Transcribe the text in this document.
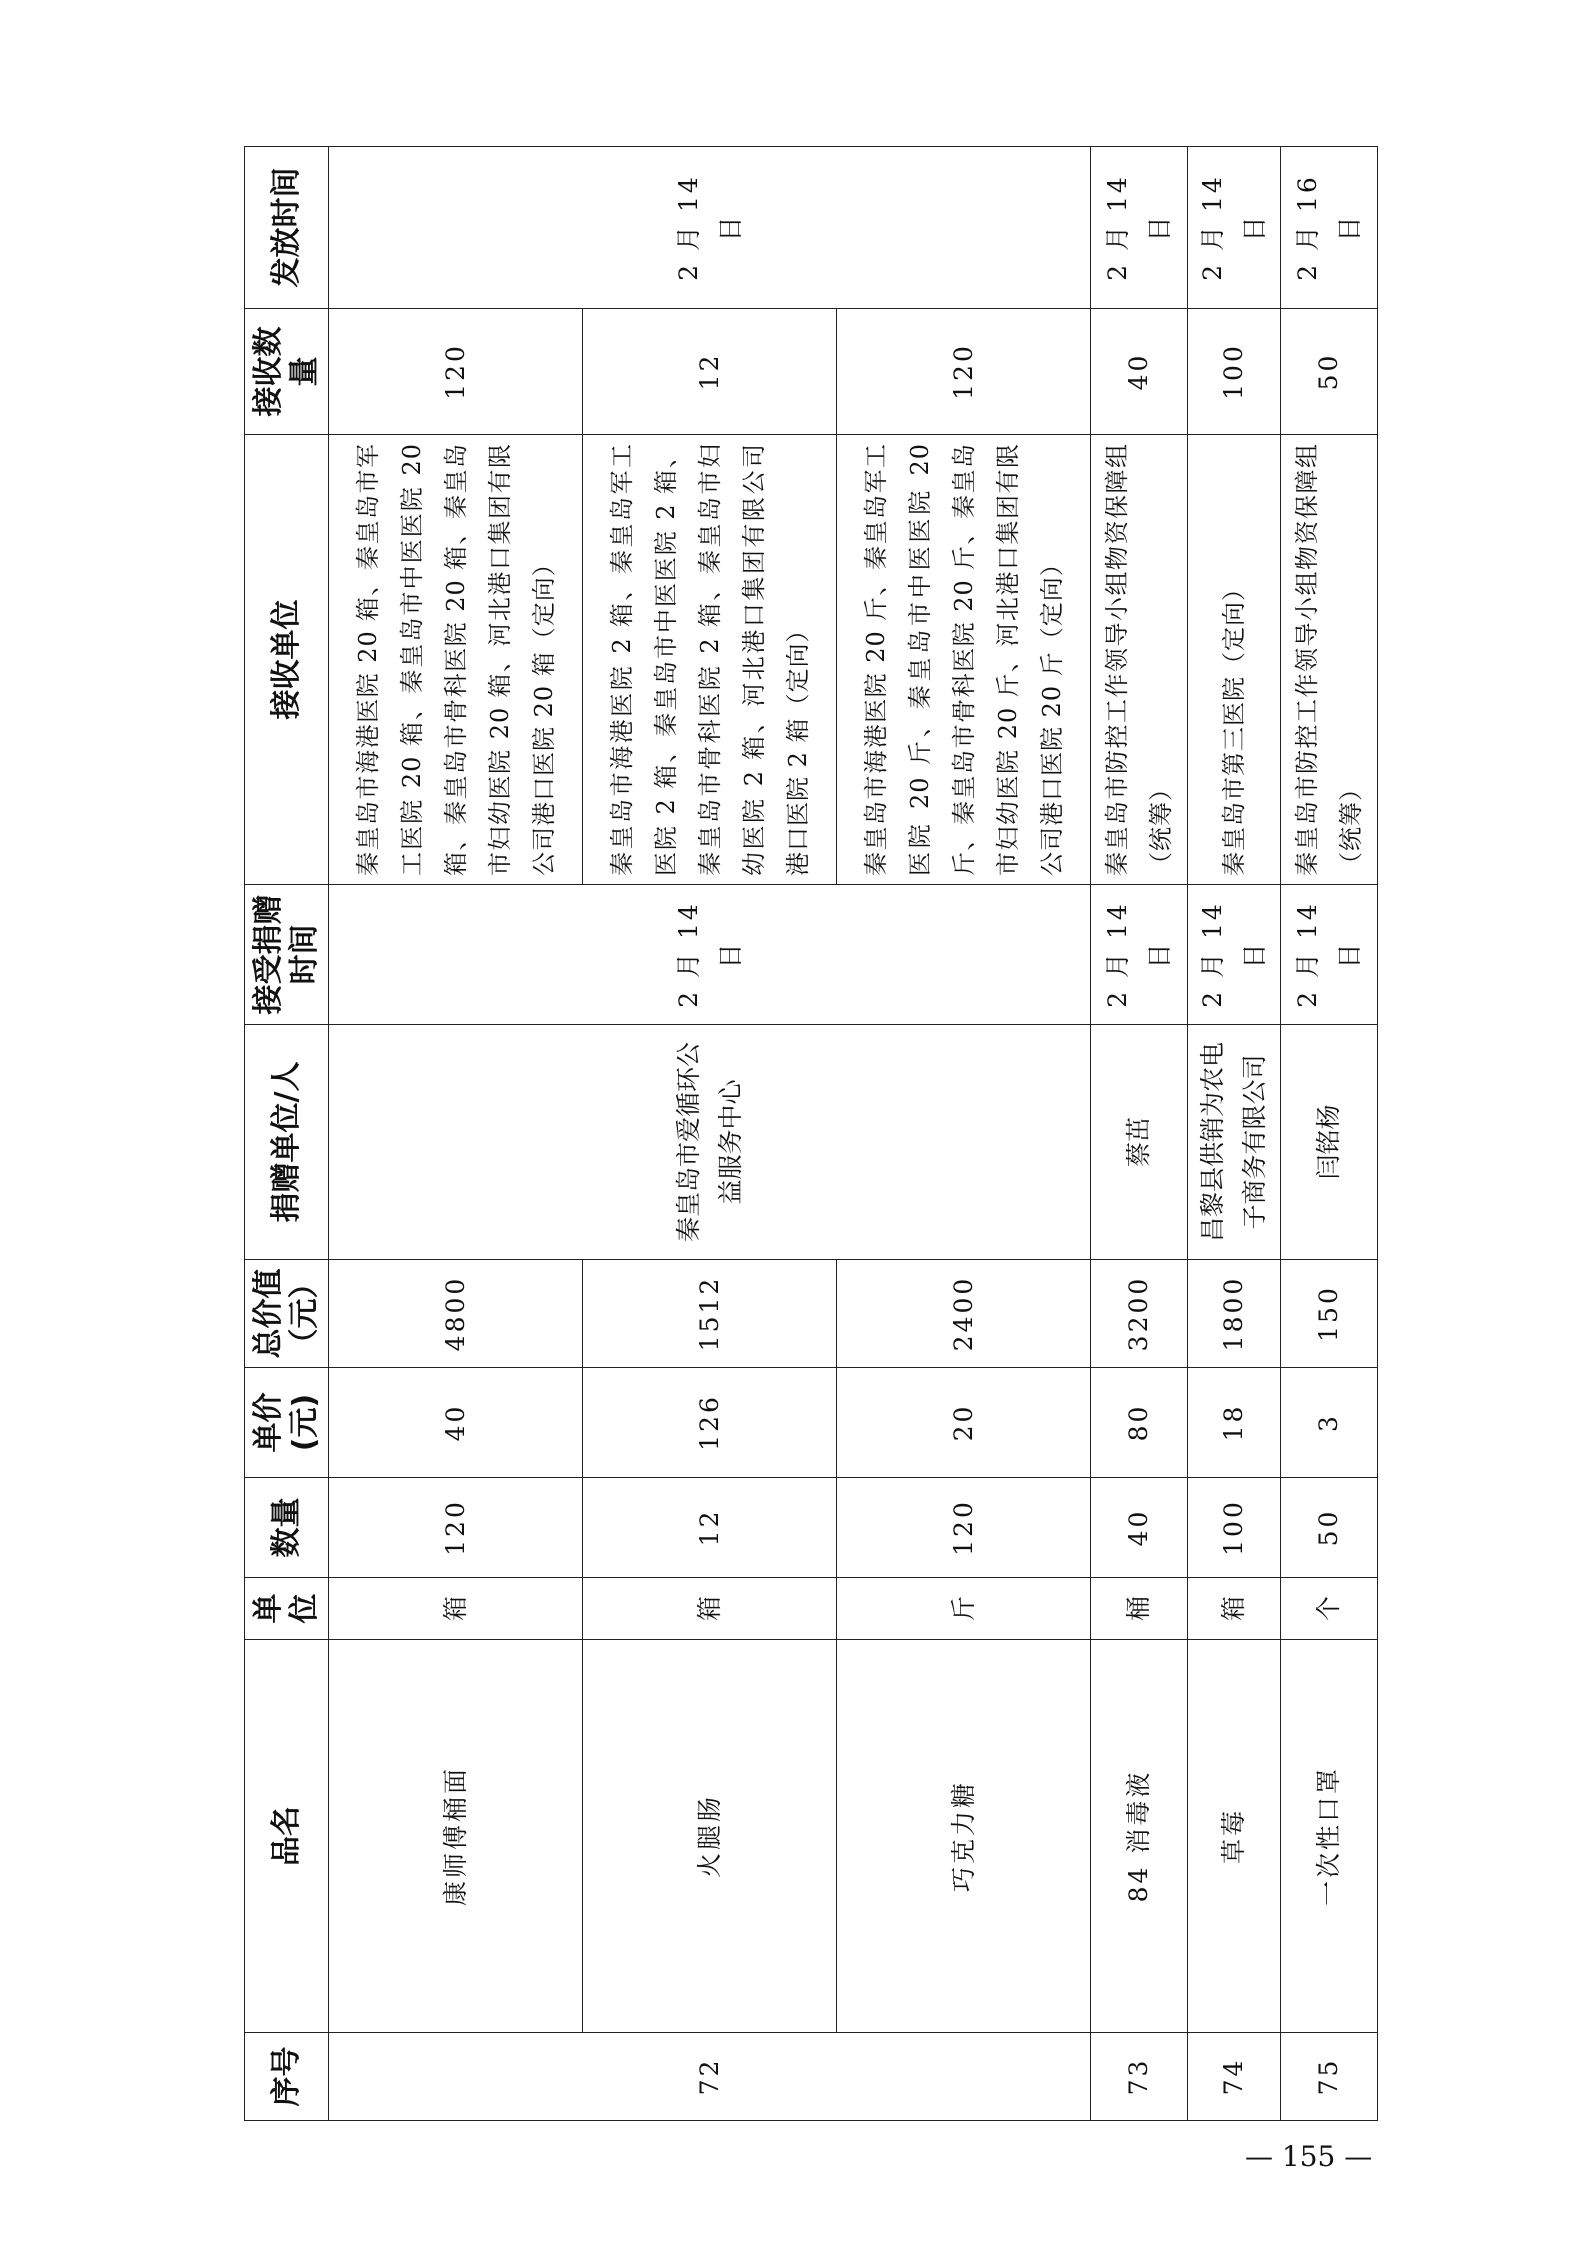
序号	品名	单位	数量	单价(元)	总价值（元）	捐赠单位/人	接受捐赠时间	接收单位	接收数量	发放时间
72	康师傅桶面	箱	120	40	4800	秦皇岛市爱循环公益服务中心	2 月 14 日	秦皇岛市海港医院 20 箱、秦皇岛市军工医院 20 箱、秦皇岛市中医医院 20 箱、秦皇岛市骨科医院 20 箱、秦皇岛市妇幼医院 20 箱、河北港口集团有限公司港口医院 20 箱（定向）	120	2 月 14 日
	火腿肠	箱	12	126	1512			秦皇岛市海港医院 2 箱、秦皇岛军工医院 2 箱、秦皇岛市中医医院 2 箱、秦皇岛市骨科医院 2 箱、秦皇岛市妇幼医院 2 箱、河北港口集团有限公司港口医院 2 箱（定向）	12	
	巧克力糖	斤	120	20	2400			秦皇岛市海港医院 20 斤、秦皇岛军工医院 20 斤、秦皇岛市中医医院 20 斤、秦皇岛市骨科医院 20 斤、秦皇岛市妇幼医院 20 斤、河北港口集团有限公司港口医院 20 斤（定向）	120	
73	84 消毒液	桶	40	80	3200	蔡茁	2 月 14 日	秦皇岛市防控工作领导小组物资保障组（统筹）	40	2 月 14 日
74	草莓	箱	100	18	1800	昌黎县供销为农电子商务有限公司	2 月 14 日	秦皇岛市第三医院（定向）	100	2 月 14 日
75	一次性口罩	个	50	3	150	闫铭杨	2 月 14 日	秦皇岛市防控工作领导小组物资保障组（统筹）	50	2 月 16 日
— 155 —
